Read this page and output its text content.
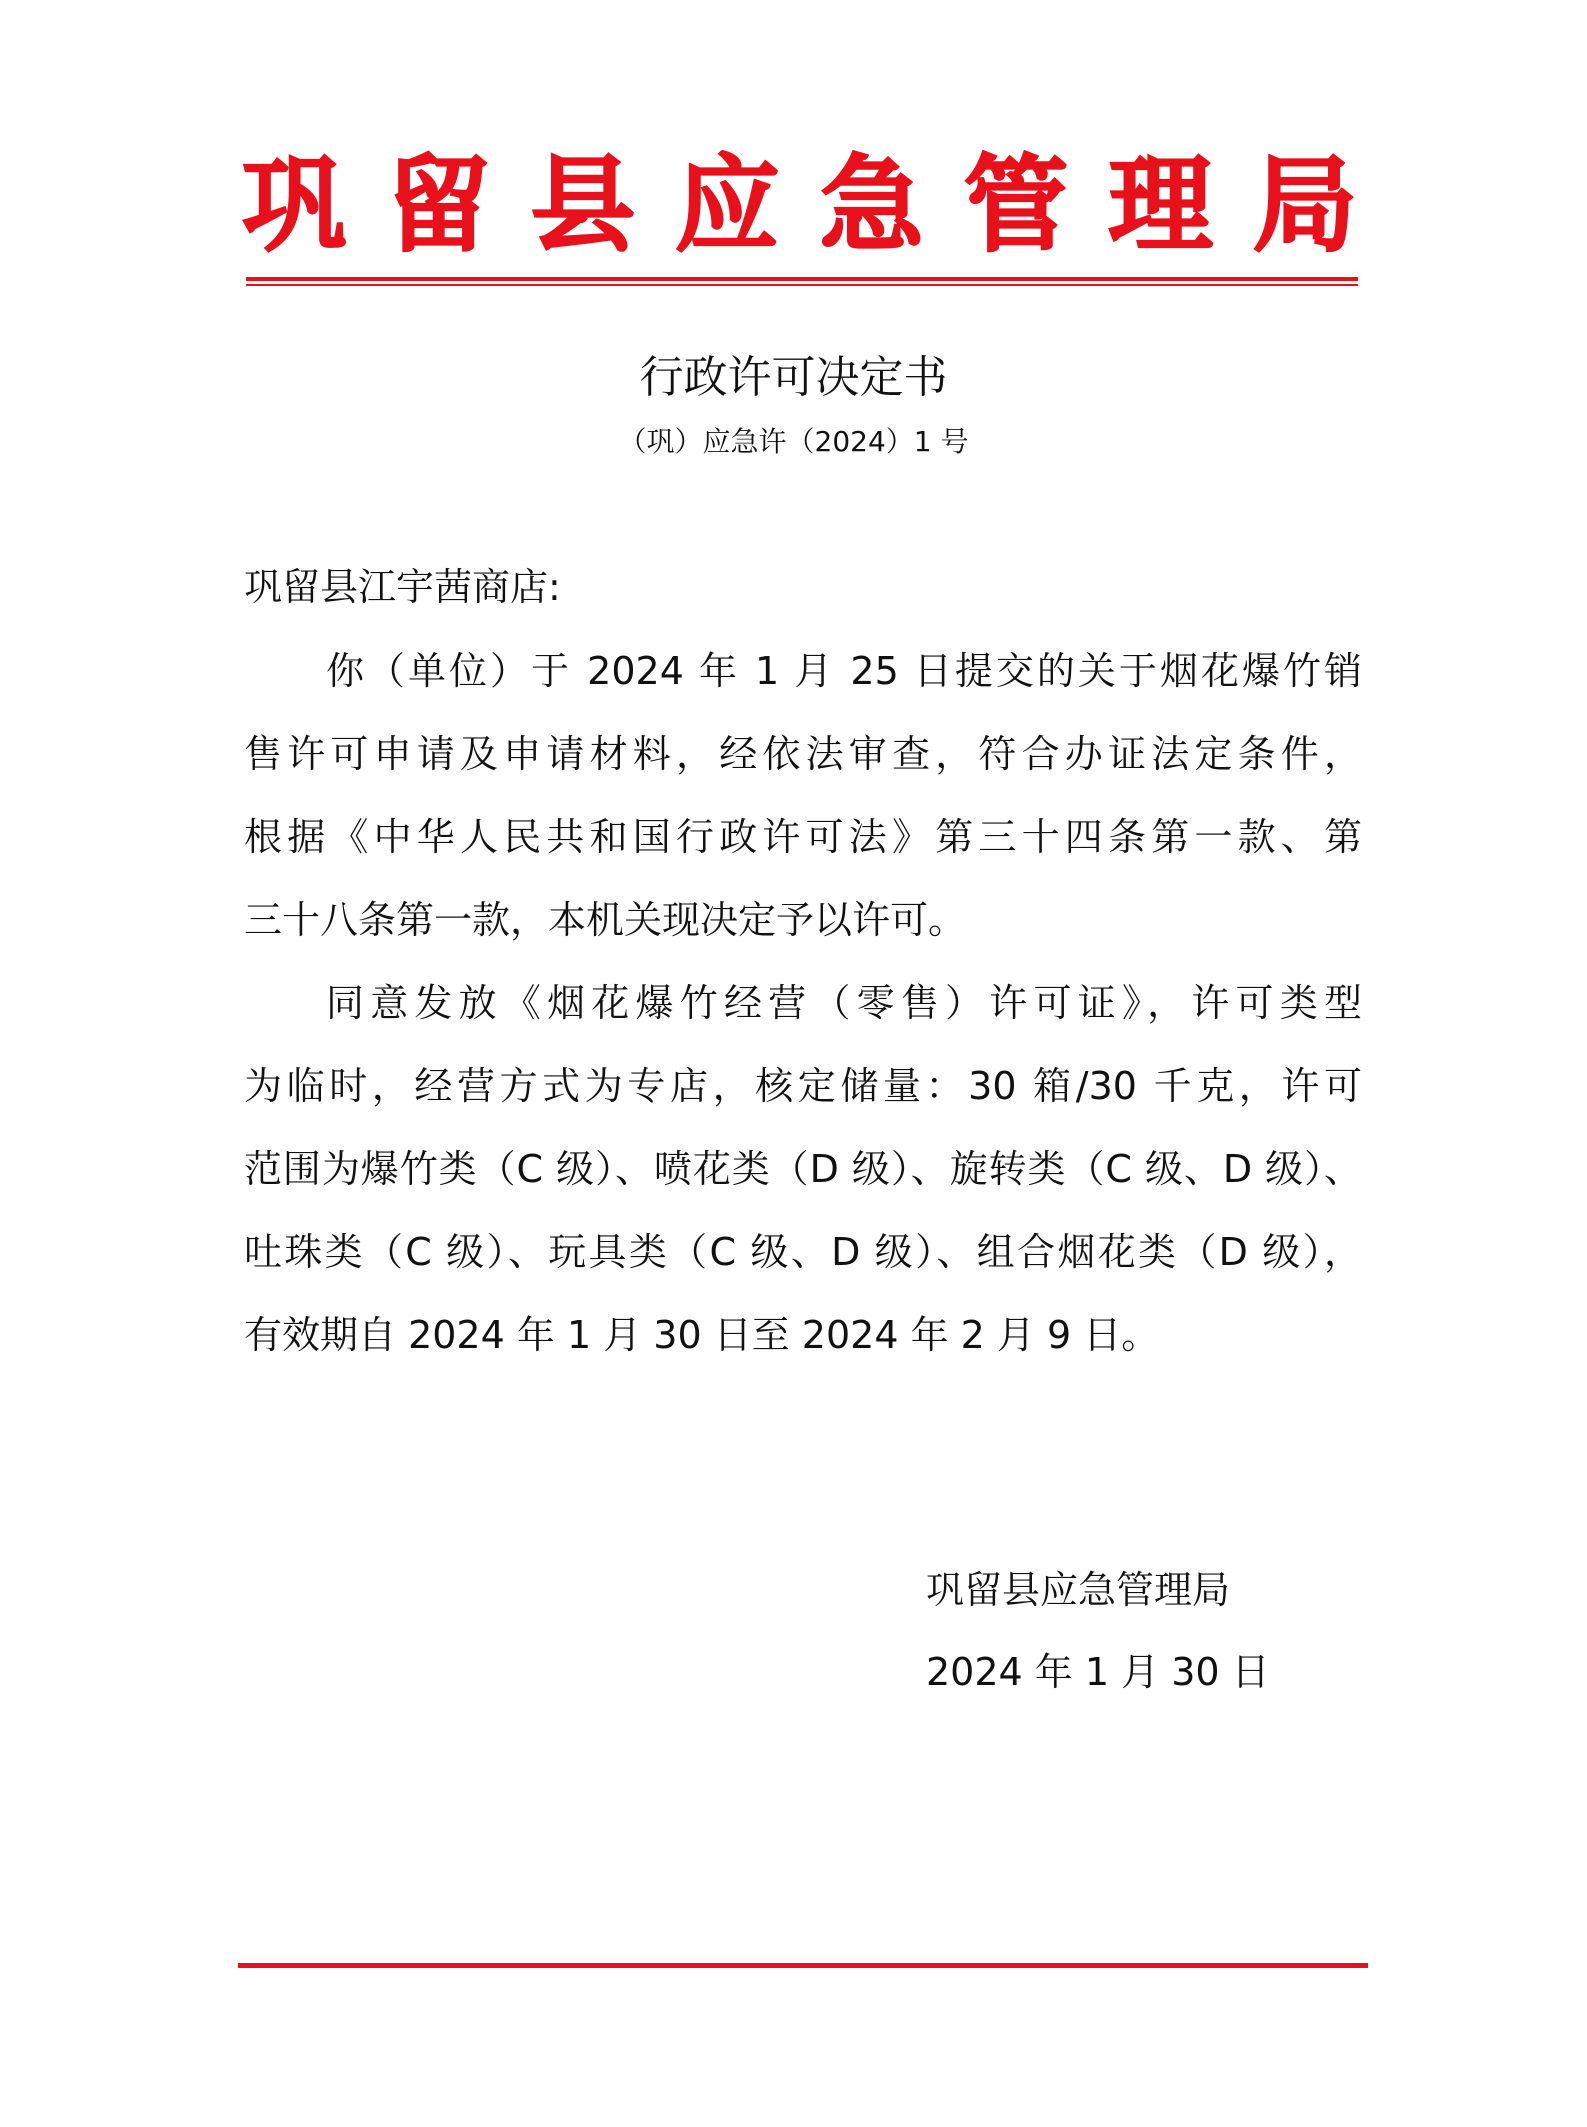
巩 留 县 应 急 管 理 局
行政许可决定书
（巩）应急许（2024）1 号
巩留县江宇茜商店:
你（单位）于 2024 年 1 月 25 日提交的关于烟花爆竹销
售许可申请及申请材料，经依法审查，符合办证法定条件，
根据《中华人民共和国行政许可法》第三十四条第一款、第
三十八条第一款，本机关现决定予以许可。
同意发放《烟花爆竹经营（零售）许可证》，许可类型
为临时，经营方式为专店，核定储量：30 箱/30 千克，许可
范围为爆竹类（C 级）、喷花类（D 级）、旋转类（C 级、D 级）、
吐珠类（C 级）、玩具类（C 级、D 级）、组合烟花类（D 级），
有效期自 2024 年 1 月 30 日至 2024 年 2 月 9 日。
巩留县应急管理局
2024 年 1 月 30 日
